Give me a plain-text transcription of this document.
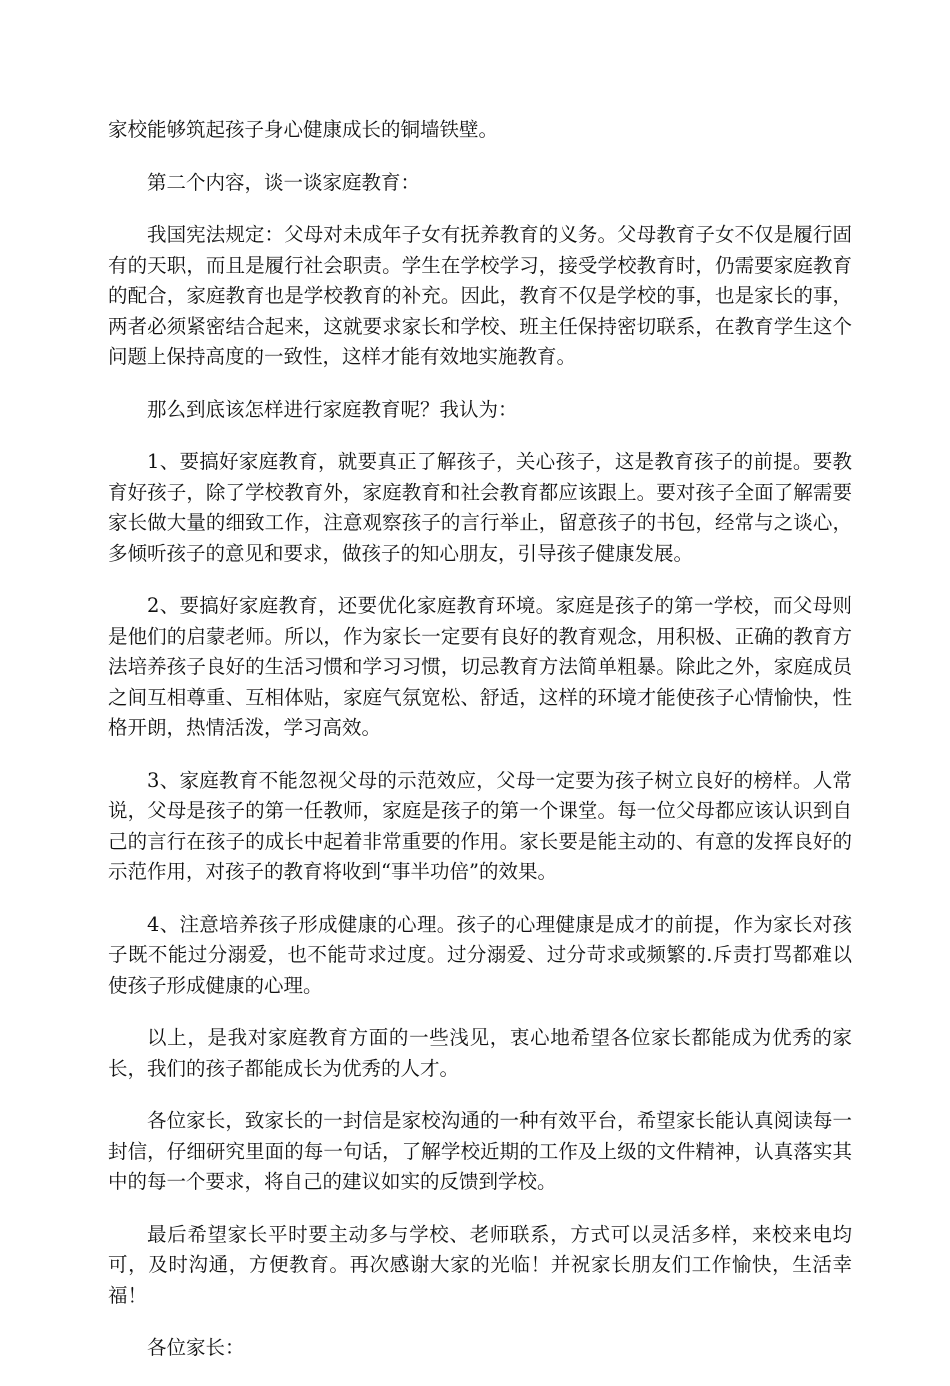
家校能够筑起孩子身心健康成长的铜墙铁壁。

第二个内容，谈一谈家庭教育：

我国宪法规定：父母对未成年子女有抚养教育的义务。父母教育子女不仅是履行固有的天职，而且是履行社会职责。学生在学校学习，接受学校教育时，仍需要家庭教育的配合，家庭教育也是学校教育的补充。因此，教育不仅是学校的事，也是家长的事，两者必须紧密结合起来，这就要求家长和学校、班主任保持密切联系，在教育学生这个问题上保持高度的一致性，这样才能有效地实施教育。

那么到底该怎样进行家庭教育呢？我认为：

1、要搞好家庭教育，就要真正了解孩子，关心孩子，这是教育孩子的前提。要教育好孩子，除了学校教育外，家庭教育和社会教育都应该跟上。要对孩子全面了解需要家长做大量的细致工作，注意观察孩子的言行举止，留意孩子的书包，经常与之谈心，多倾听孩子的意见和要求，做孩子的知心朋友，引导孩子健康发展。

2、要搞好家庭教育，还要优化家庭教育环境。家庭是孩子的第一学校，而父母则是他们的启蒙老师。所以，作为家长一定要有良好的教育观念，用积极、正确的教育方法培养孩子良好的生活习惯和学习习惯，切忌教育方法简单粗暴。除此之外，家庭成员之间互相尊重、互相体贴，家庭气氛宽松、舒适，这样的环境才能使孩子心情愉快，性格开朗，热情活泼，学习高效。

3、家庭教育不能忽视父母的示范效应，父母一定要为孩子树立良好的榜样。人常说，父母是孩子的第一任教师，家庭是孩子的第一个课堂。每一位父母都应该认识到自己的言行在孩子的成长中起着非常重要的作用。家长要是能主动的、有意的发挥良好的示范作用，对孩子的教育将收到“事半功倍”的效果。

4、注意培养孩子形成健康的心理。孩子的心理健康是成才的前提，作为家长对孩子既不能过分溺爱，也不能苛求过度。过分溺爱、过分苛求或频繁的.斥责打骂都难以使孩子形成健康的心理。

以上，是我对家庭教育方面的一些浅见，衷心地希望各位家长都能成为优秀的家长，我们的孩子都能成长为优秀的人才。

各位家长，致家长的一封信是家校沟通的一种有效平台，希望家长能认真阅读每一封信，仔细研究里面的每一句话，了解学校近期的工作及上级的文件精神，认真落实其中的每一个要求，将自己的建议如实的反馈到学校。

最后希望家长平时要主动多与学校、老师联系，方式可以灵活多样，来校来电均可，及时沟通，方便教育。再次感谢大家的光临！并祝家长朋友们工作愉快，生活幸福！

各位家长：
